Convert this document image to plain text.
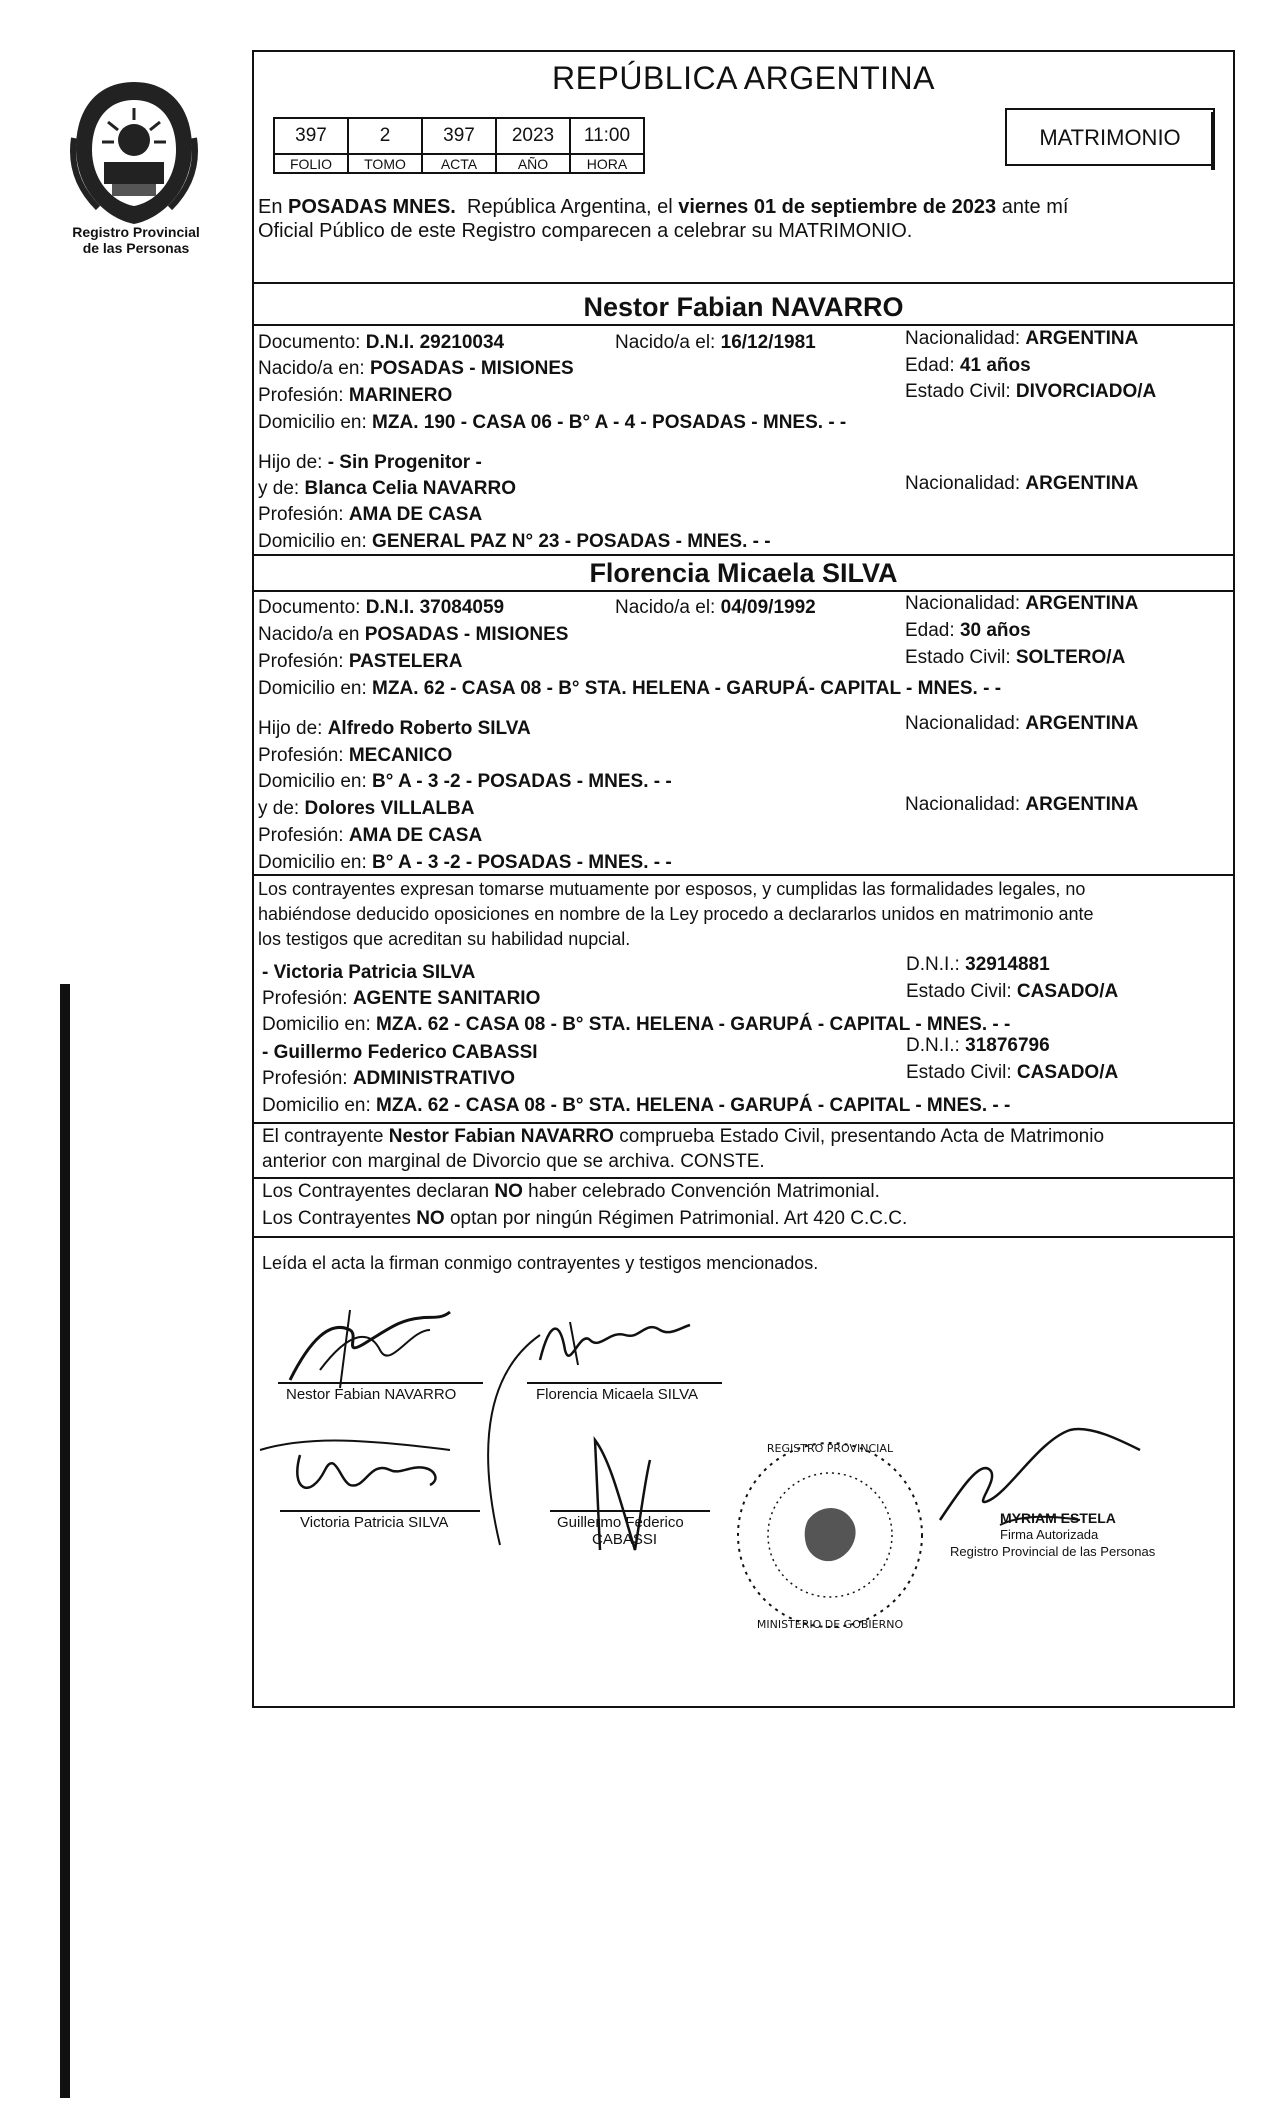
Registro Provincial
de las Personas
REPÚBLICA ARGENTINA
397	2	397	2023	11:00
FOLIO	TOMO	ACTA	AÑO	HORA
MATRIMONIO
En POSADAS MNES.  República Argentina, el viernes 01 de septiembre de 2023 ante mí
Oficial Público de este Registro comparecen a celebrar su MATRIMONIO.
Nestor Fabian NAVARRO
Documento: D.N.I. 29210034	Nacido/a el: 16/12/1981	Nacionalidad: ARGENTINA
Nacido/a en: POSADAS - MISIONES	Edad: 41 años
Profesión: MARINERO	Estado Civil: DIVORCIADO/A
Domicilio en: MZA. 190 - CASA 06 - B° A - 4 - POSADAS - MNES. - -
Hijo de: - Sin Progenitor -
y de: Blanca Celia NAVARRO	Nacionalidad: ARGENTINA
Profesión: AMA DE CASA
Domicilio en: GENERAL PAZ N° 23 - POSADAS - MNES. - -
Florencia Micaela SILVA
Documento: D.N.I. 37084059	Nacido/a el: 04/09/1992	Nacionalidad: ARGENTINA
Nacido/a en POSADAS - MISIONES	Edad: 30 años
Profesión: PASTELERA	Estado Civil: SOLTERO/A
Domicilio en: MZA. 62 - CASA 08 - B° STA. HELENA - GARUPÁ- CAPITAL - MNES. - -
Hijo de: Alfredo Roberto SILVA	Nacionalidad: ARGENTINA
Profesión: MECANICO
Domicilio en: B° A - 3 -2 - POSADAS - MNES. - -
y de: Dolores VILLALBA	Nacionalidad: ARGENTINA
Profesión: AMA DE CASA
Domicilio en: B° A - 3 -2 - POSADAS - MNES. - -
Los contrayentes expresan tomarse mutuamente por esposos, y cumplidas las formalidades legales, no
habiéndose deducido oposiciones en nombre de la Ley procedo a declararlos unidos en matrimonio ante
los testigos que acreditan su habilidad nupcial.
- Victoria Patricia SILVA	D.N.I.: 32914881
Profesión: AGENTE SANITARIO	Estado Civil: CASADO/A
Domicilio en: MZA. 62 - CASA 08 - B° STA. HELENA - GARUPÁ - CAPITAL - MNES. - -
- Guillermo Federico CABASSI	D.N.I.: 31876796
Profesión: ADMINISTRATIVO	Estado Civil: CASADO/A
Domicilio en: MZA. 62 - CASA 08 - B° STA. HELENA - GARUPÁ - CAPITAL - MNES. - -
El contrayente Nestor Fabian NAVARRO comprueba Estado Civil, presentando Acta de Matrimonio
anterior con marginal de Divorcio que se archiva. CONSTE.
Los Contrayentes declaran NO haber celebrado Convención Matrimonial.
Los Contrayentes NO optan por ningún Régimen Patrimonial. Art 420 C.C.C.
Leída el acta la firman conmigo contrayentes y testigos mencionados.
Nestor Fabian NAVARRO	Florencia Micaela SILVA
Victoria Patricia SILVA	Guillermo Federico
CABASSI
REGISTRO PROVINCIAL
MINISTERIO DE GOBIERNO
MYRIAM ESTELA
Firma Autorizada
Registro Provincial de las Personas
